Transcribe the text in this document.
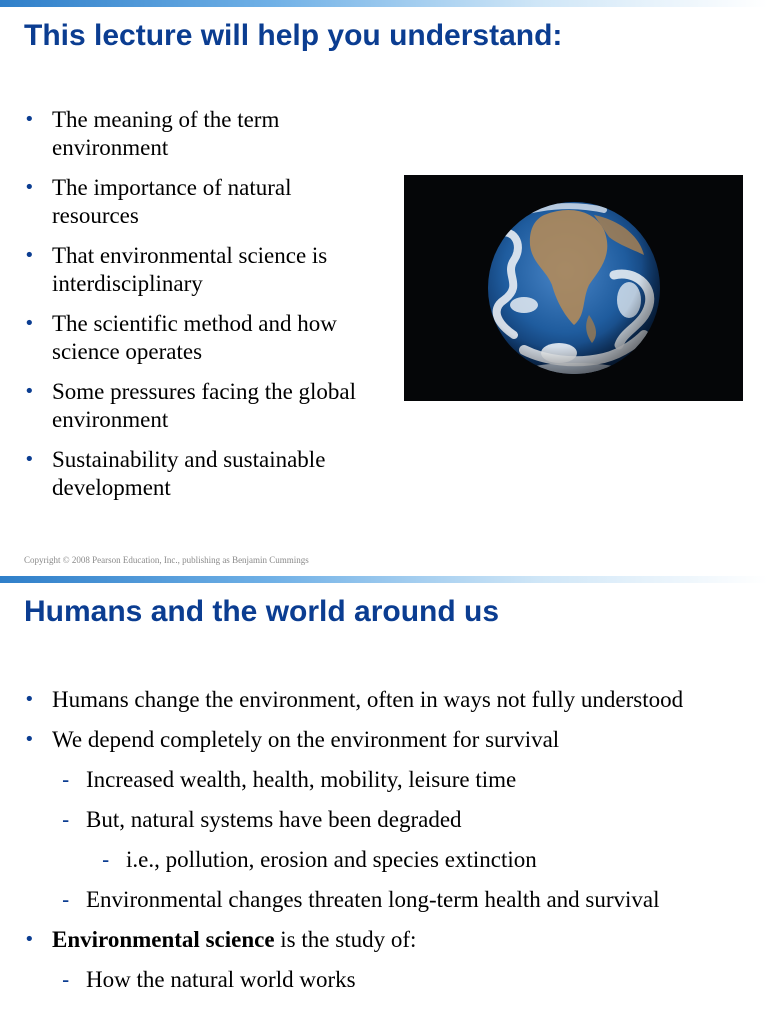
This lecture will help you understand:
• The meaning of the term environment
• The importance of natural resources
• That environmental science is interdisciplinary
• The scientific method and how science operates
• Some pressures facing the global environment
• Sustainability and sustainable development
Copyright © 2008 Pearson Education, Inc., publishing as Benjamin Cummings
Humans and the world around us
• Humans change the environment, often in ways not fully understood
• We depend completely on the environment for survival
- Increased wealth, health, mobility, leisure time
- But, natural systems have been degraded
- i.e., pollution, erosion and species extinction
- Environmental changes threaten long-term health and survival
• Environmental science is the study of:
- How the natural world works
